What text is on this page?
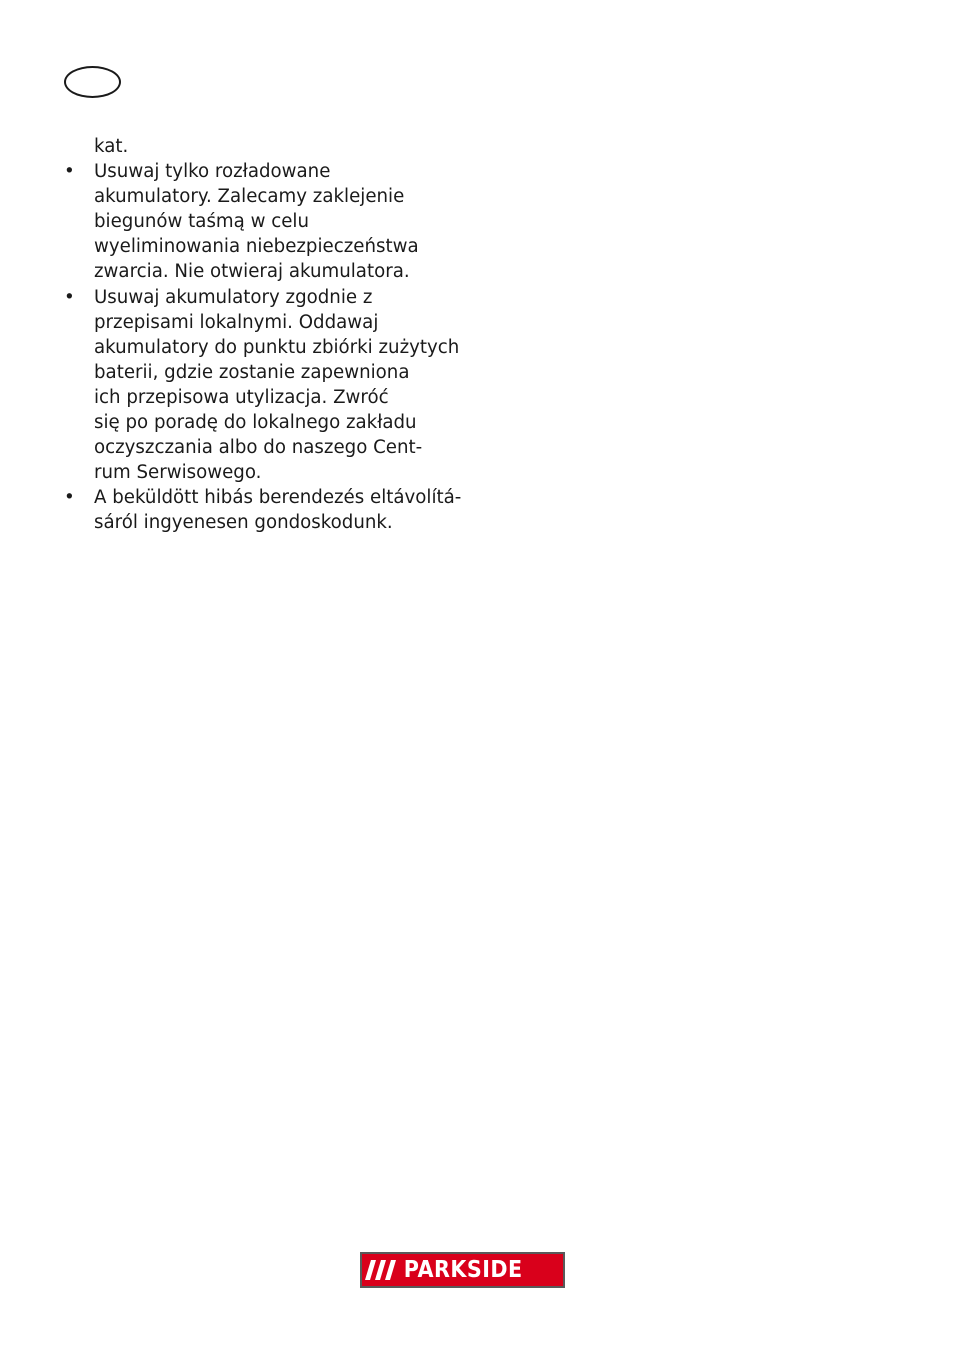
kat.
• Usuwaj tylko rozładowane
akumulatory. Zalecamy zaklejenie
biegunów taśmą w celu
wyeliminowania niebezpieczeństwa
zwarcia. Nie otwieraj akumulatora.
• Usuwaj akumulatory zgodnie z
przepisami lokalnymi. Oddawaj
akumulatory do punktu zbiórki zużytych
baterii, gdzie zostanie zapewniona
ich przepisowa utylizacja. Zwróć
się po poradę do lokalnego zakładu
oczyszczania albo do naszego Cent-
rum Serwisowego.
• A beküldött hibás berendezés eltávolítá-
sáról ingyenesen gondoskodunk.
PARKSIDE
